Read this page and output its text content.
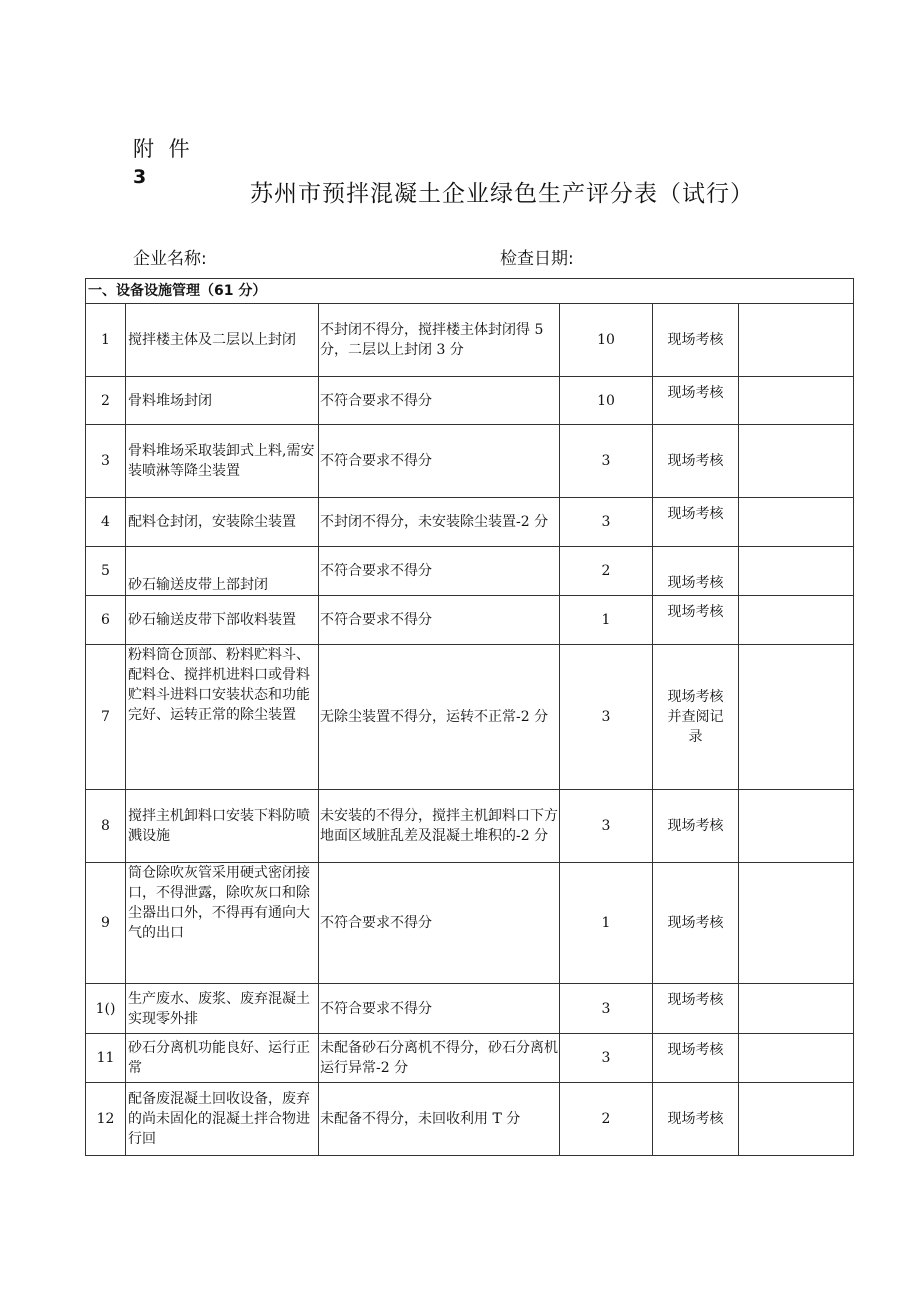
附 件
3
苏州市预拌混凝土企业绿色生产评分表（试行）
企业名称:	检查日期:
一、设备设施管理（61 分）					
1	搅拌楼主体及二层以上封闭	不封闭不得分，搅拌楼主体封闭得 5 分，二层以上封闭 3 分	10	现场考核	
2	骨料堆场封闭	不符合要求不得分	10	现场考核	
3	骨料堆场采取装卸式上料,需安装喷淋等降尘装置	不符合要求不得分	3	现场考核	
4	配料仓封闭，安装除尘装置	不封闭不得分，未安装除尘装置-2 分	3	现场考核	
5	砂石输送皮带上部封闭	不符合要求不得分	2	现场考核	
6	砂石输送皮带下部收料装置	不符合要求不得分	1	现场考核	
7	粉料筒仓顶部、粉料贮料斗、配料仓、搅拌机进料口或骨料贮料斗进料口安装状态和功能完好、运转正常的除尘装置	无除尘装置不得分，运转不正常-2 分	3	现场考核并查阅记录	
8	搅拌主机卸料口安装下料防喷溅设施	未安装的不得分，搅拌主机卸料口下方地面区域脏乱差及混凝土堆积的-2 分	3	现场考核	
9	筒仓除吹灰管采用硬式密闭接口，不得泄露，除吹灰口和除尘器出口外，不得再有通向大气的出口	不符合要求不得分	1	现场考核	
1()	生产废水、废浆、废弃混凝土实现零外排	不符合要求不得分	3	现场考核	
11	砂石分离机功能良好、运行正常	未配备砂石分离机不得分，砂石分离机运行异常-2 分	3	现场考核	
12	配备废混凝土回收设备，废弃的尚未固化的混凝土拌合物进行回	未配备不得分，未回收利用 T 分	2	现场考核	
